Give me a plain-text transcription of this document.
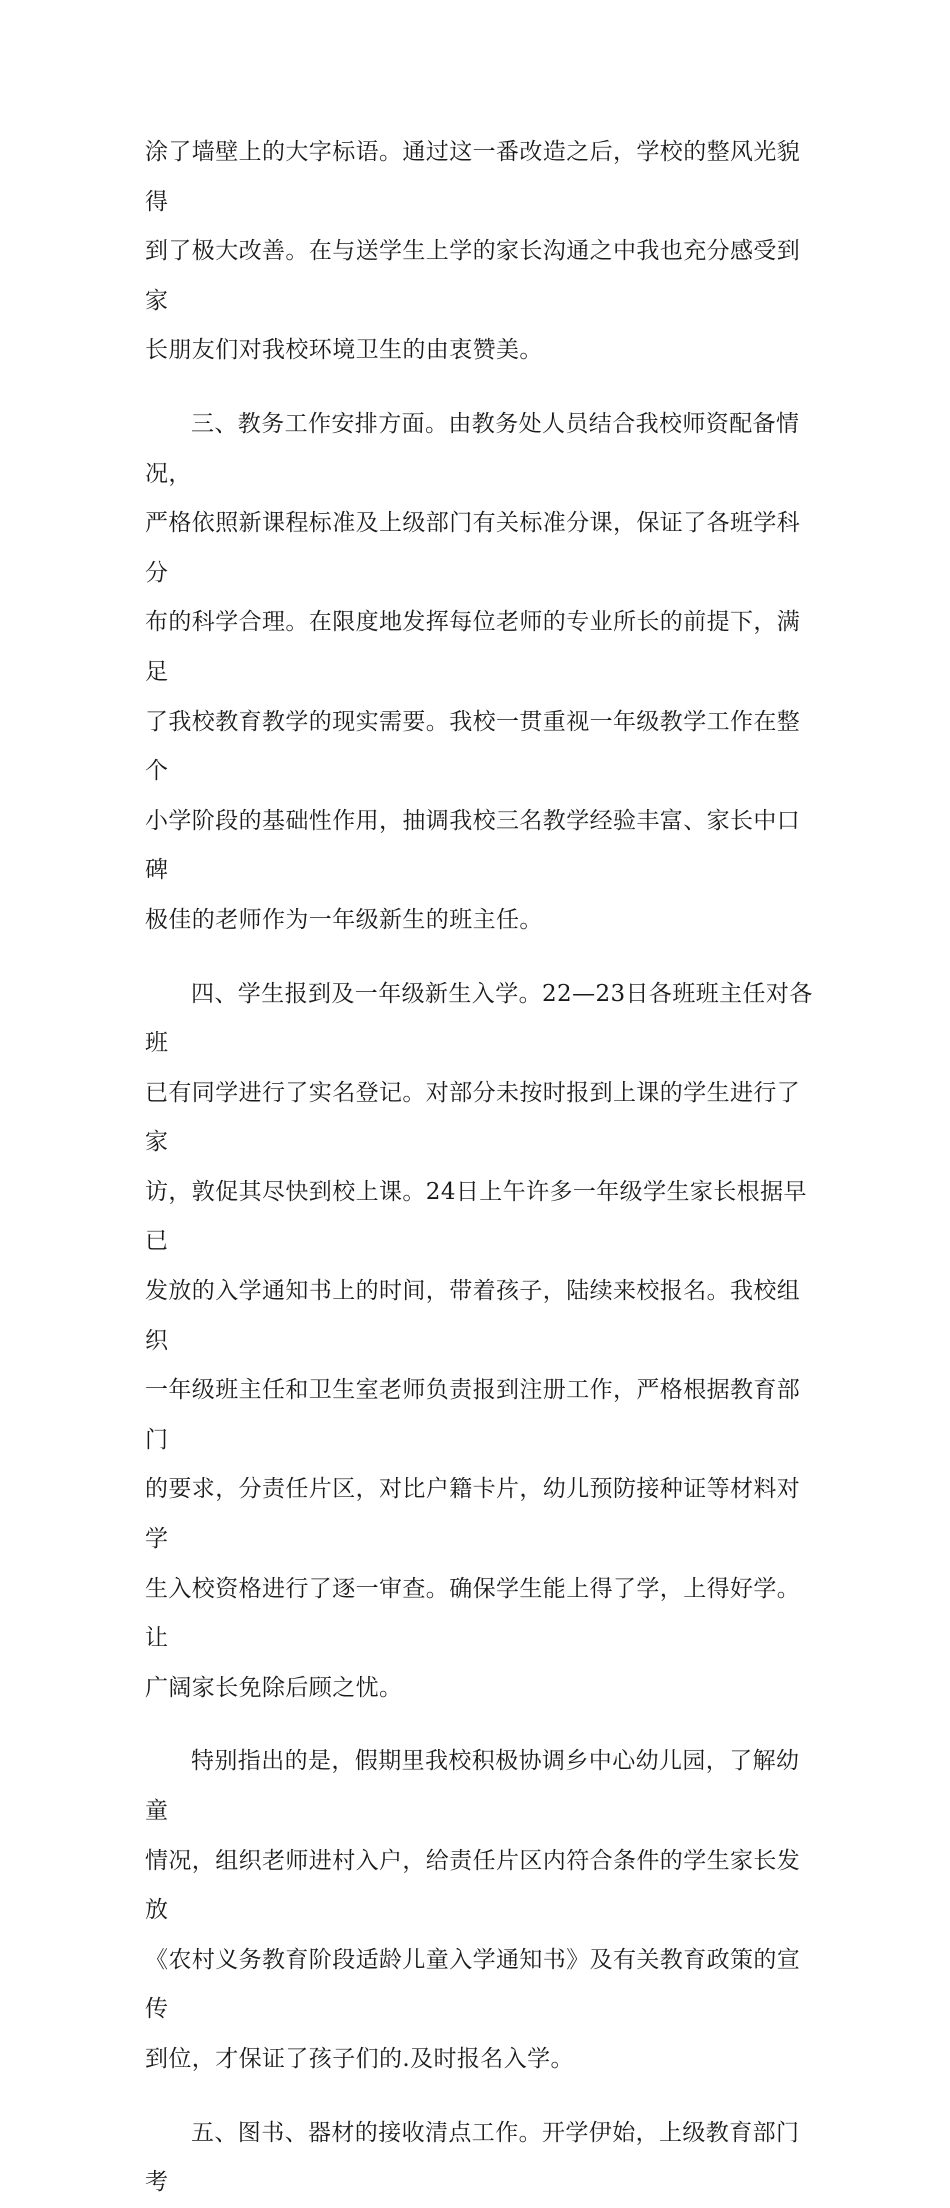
涂了墙壁上的大字标语。通过这一番改造之后，学校的整风光貌得
到了极大改善。在与送学生上学的家长沟通之中我也充分感受到家
长朋友们对我校环境卫生的由衷赞美。

三、教务工作安排方面。由教务处人员结合我校师资配备情况，
严格依照新课程标准及上级部门有关标准分课，保证了各班学科分
布的科学合理。在限度地发挥每位老师的专业所长的前提下，满足
了我校教育教学的现实需要。我校一贯重视一年级教学工作在整个
小学阶段的基础性作用，抽调我校三名教学经验丰富、家长中口碑
极佳的老师作为一年级新生的班主任。

四、学生报到及一年级新生入学。22—23日各班班主任对各班
已有同学进行了实名登记。对部分未按时报到上课的学生进行了家
访，敦促其尽快到校上课。24日上午许多一年级学生家长根据早已
发放的入学通知书上的时间，带着孩子，陆续来校报名。我校组织
一年级班主任和卫生室老师负责报到注册工作，严格根据教育部门
的要求，分责任片区，对比户籍卡片，幼儿预防接种证等材料对学
生入校资格进行了逐一审查。确保学生能上得了学，上得好学。让
广阔家长免除后顾之忧。

特别指出的是，假期里我校积极协调乡中心幼儿园，了解幼童
情况，组织老师进村入户，给责任片区内符合条件的学生家长发放
《农村义务教育阶段适龄儿童入学通知书》及有关教育政策的宣传
到位，才保证了孩子们的.及时报名入学。

五、图书、器材的接收清点工作。开学伊始，上级教育部门考
